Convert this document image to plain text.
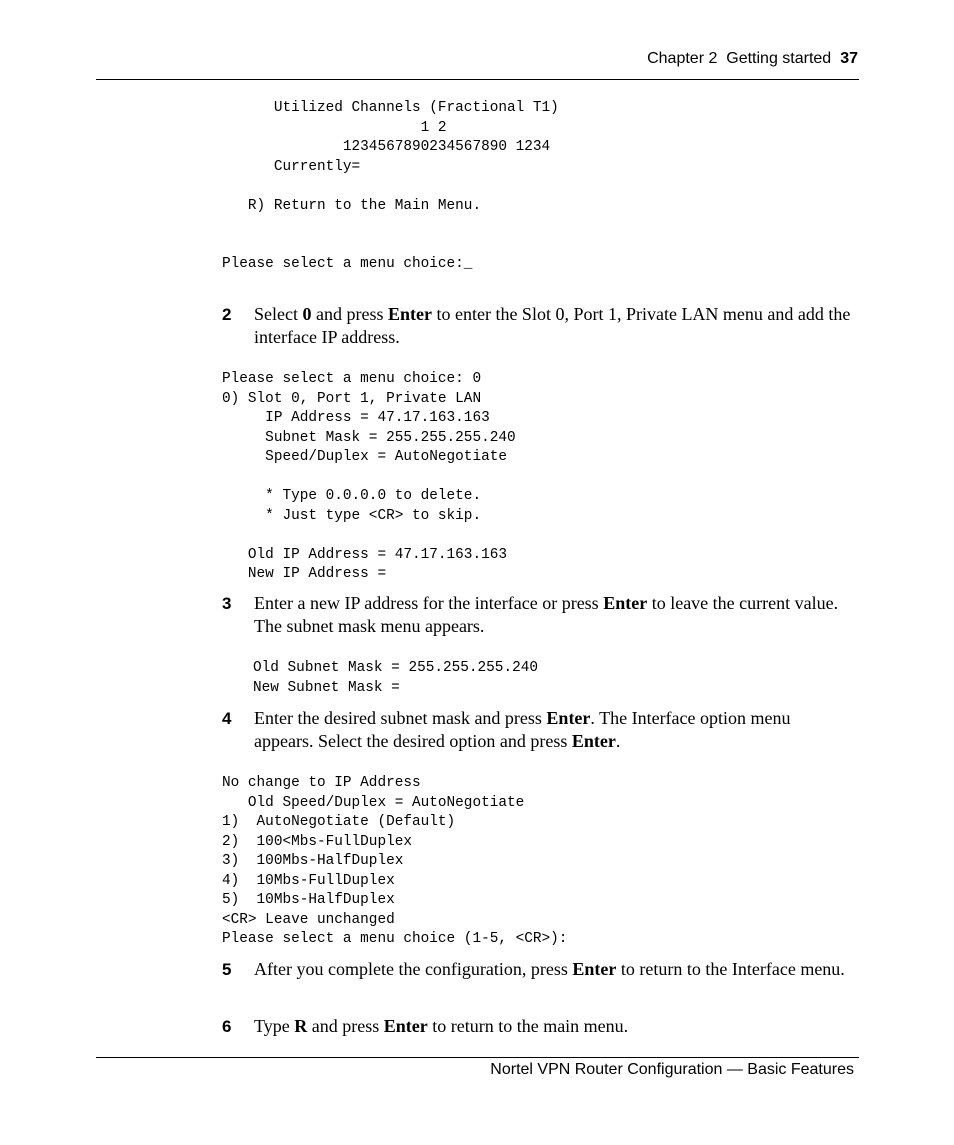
Chapter 2  Getting started 37
Utilized Channels (Fractional T1)
1 2
1234567890234567890 1234
Currently=

R) Return to the Main Menu.

Please select a menu choice:_
2 Select 0 and press Enter to enter the Slot 0, Port 1, Private LAN menu and add the interface IP address.
Please select a menu choice: 0
0) Slot 0, Port 1, Private LAN
IP Address = 47.17.163.163
Subnet Mask = 255.255.255.240
Speed/Duplex = AutoNegotiate

* Type 0.0.0.0 to delete.
* Just type <CR> to skip.

Old IP Address = 47.17.163.163
New IP Address =
3 Enter a new IP address for the interface or press Enter to leave the current value. The subnet mask menu appears.
Old Subnet Mask = 255.255.255.240
New Subnet Mask =
4 Enter the desired subnet mask and press Enter. The Interface option menu appears. Select the desired option and press Enter.
No change to IP Address
Old Speed/Duplex = AutoNegotiate
1)  AutoNegotiate (Default)
2)  100<Mbs-FullDuplex
3)  100Mbs-HalfDuplex
4)  10Mbs-FullDuplex
5)  10Mbs-HalfDuplex
<CR> Leave unchanged
Please select a menu choice (1-5, <CR>):
5 After you complete the configuration, press Enter to return to the Interface menu.
6 Type R and press Enter to return to the main menu.
Nortel VPN Router Configuration — Basic Features
